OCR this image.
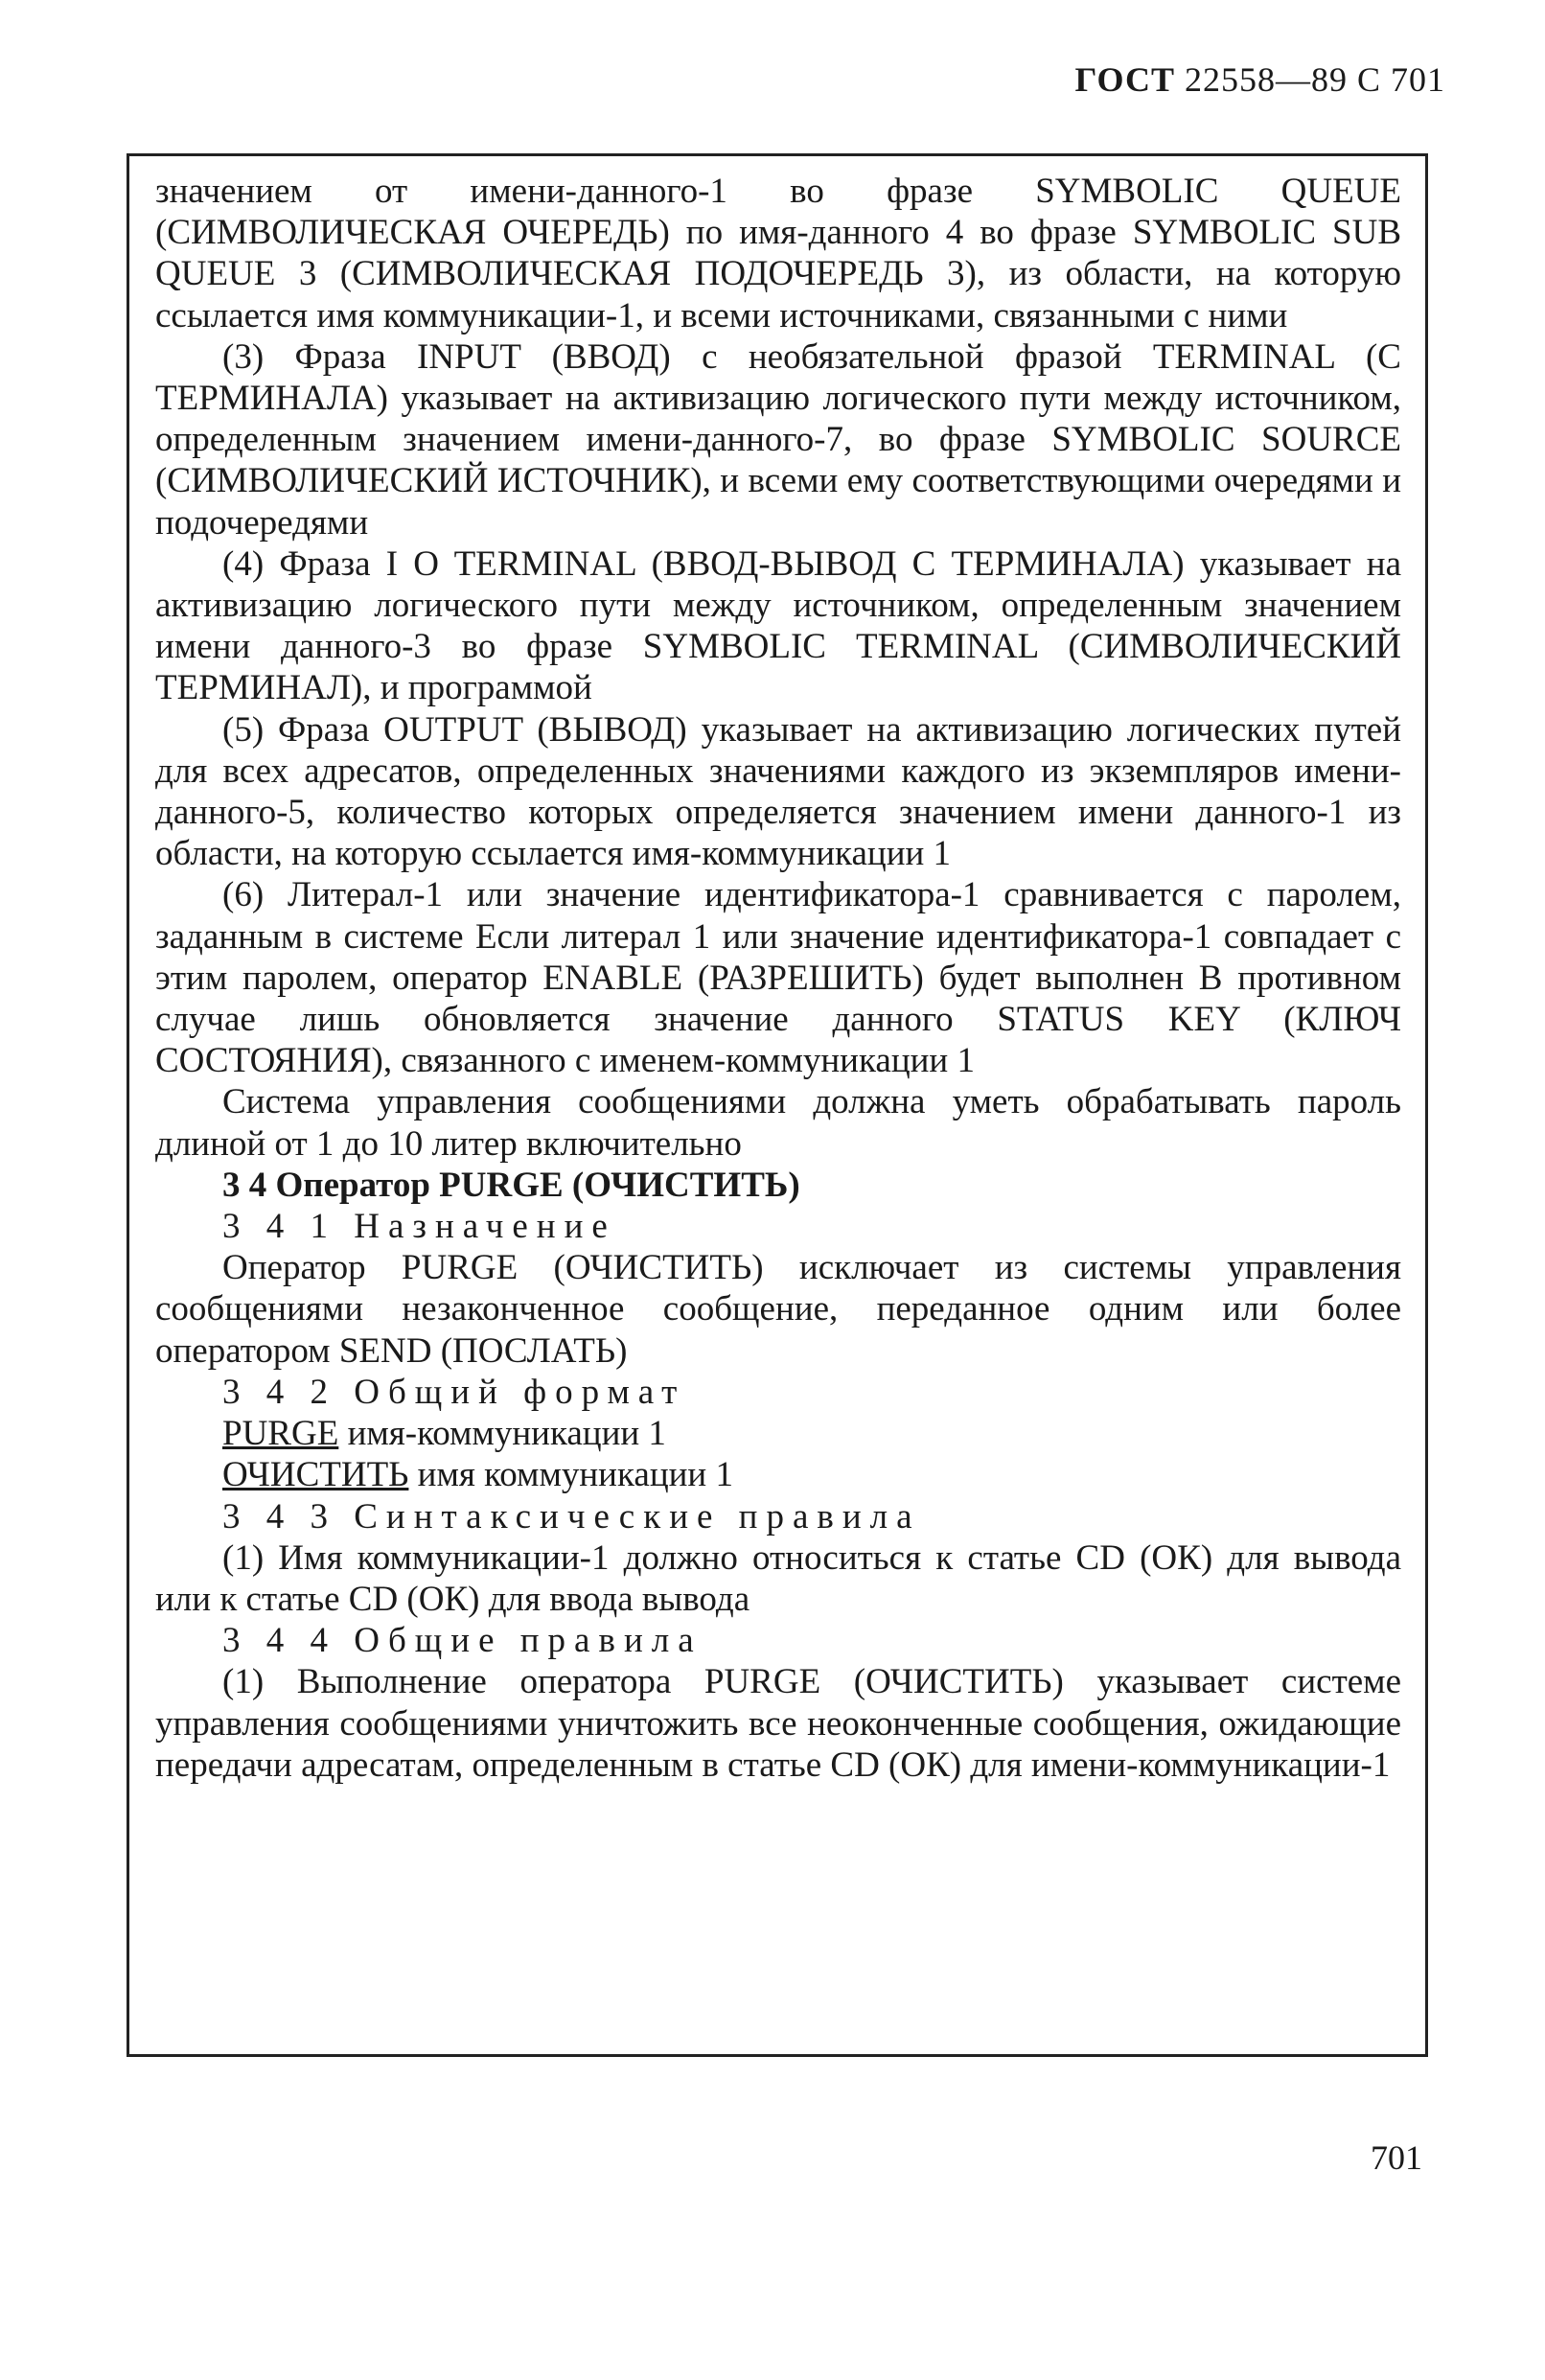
ГОСТ 22558—89 С 701

значением от имени-данного-1 во фразе SYMBOLIC QUEUE (СИМВОЛИЧЕСКАЯ ОЧЕРЕДЬ) по имя-данного 4 во фразе SYMBOLIC SUB QUEUE 3 (СИМВОЛИЧЕСКАЯ ПОДОЧЕРЕДЬ 3), из области, на которую ссылается имя коммуникации-1, и всеми источниками, связанными с ними

(3) Фраза INPUT (ВВОД) с необязательной фразой TERMINAL (С ТЕРМИНАЛА) указывает на активизацию логического пути между источником, определенным значением имени-данного-7, во фразе SYMBOLIC SOURCE (СИМВОЛИЧЕСКИЙ ИСТОЧНИК), и всеми ему соответствующими очередями и подочередями

(4) Фраза I O TERMINAL (ВВОД-ВЫВОД С ТЕРМИНАЛА) указывает на активизацию логического пути между источником, определенным значением имени данного-3 во фразе SYMBOLIC TERMINAL (СИМВОЛИЧЕСКИЙ ТЕРМИНАЛ), и программой

(5) Фраза OUTPUT (ВЫВОД) указывает на активизацию логических путей для всех адресатов, определенных значениями каждого из экземпляров имени-данного-5, количество которых определяется значением имени данного-1 из области, на которую ссылается имя-коммуникации 1

(6) Литерал-1 или значение идентификатора-1 сравнивается с паролем, заданным в системе Если литерал 1 или значение идентификатора-1 совпадает с этим паролем, оператор ENABLE (РАЗРЕШИТЬ) будет выполнен В противном случае лишь обновляется значение данного STATUS KEY (КЛЮЧ СОСТОЯНИЯ), связанного с именем-коммуникации 1

Система управления сообщениями должна уметь обрабатывать пароль длиной от 1 до 10 литер включительно

3 4 Оператор PURGE (ОЧИСТИТЬ)

3 4 1 Назначение

Оператор PURGE (ОЧИСТИТЬ) исключает из системы управления сообщениями незаконченное сообщение, переданное одним или более оператором SEND (ПОСЛАТЬ)

3 4 2 Общий формат

PURGE имя-коммуникации 1

ОЧИСТИТЬ имя коммуникации 1

3 4 3 Синтаксические правила

(1) Имя коммуникации-1 должно относиться к статье CD (ОК) для вывода или к статье CD (ОК) для ввода вывода

3 4 4 Общие правила

(1) Выполнение оператора PURGE (ОЧИСТИТЬ) указывает системе управления сообщениями уничтожить все неоконченные сообщения, ожидающие передачи адресатам, определенным в статье CD (ОК) для имени-коммуникации-1

701
